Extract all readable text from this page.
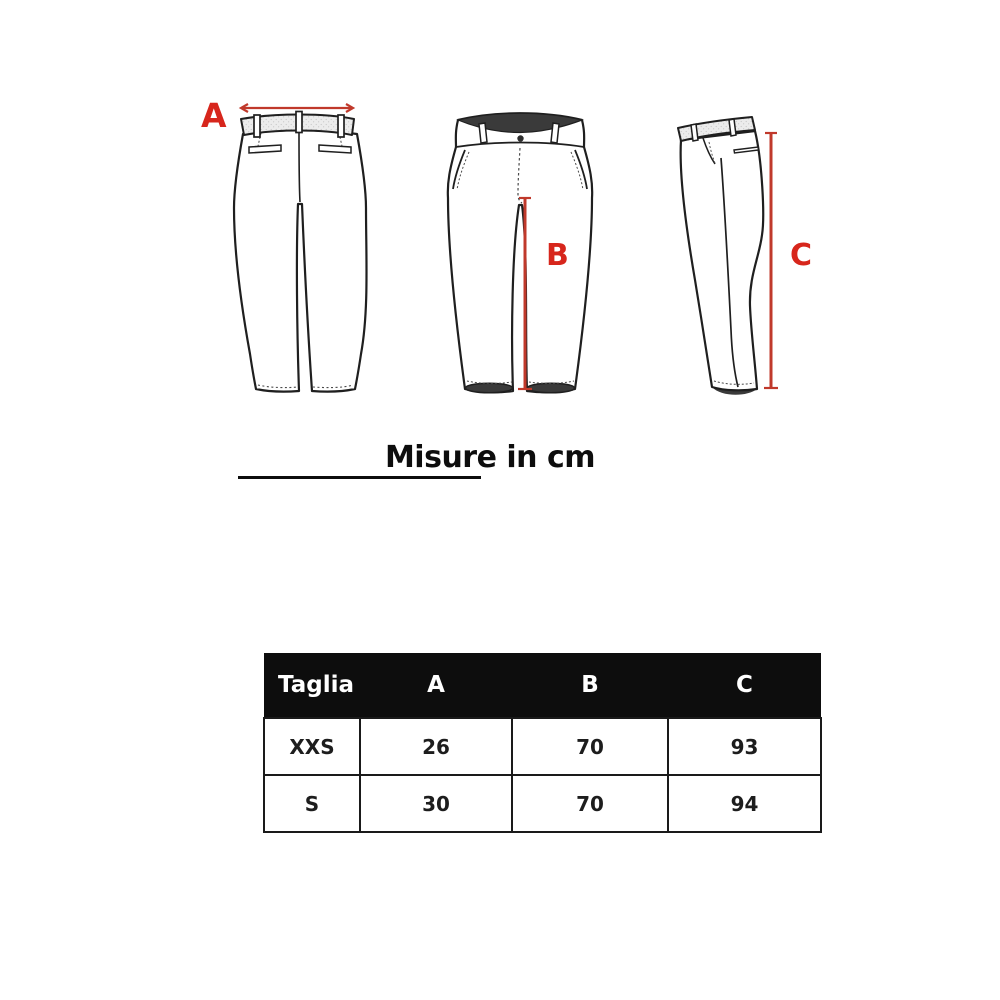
A
B	C
Misure in cm
Taglia	A	B	C
XXS	26	70	93
S	30	70	94
